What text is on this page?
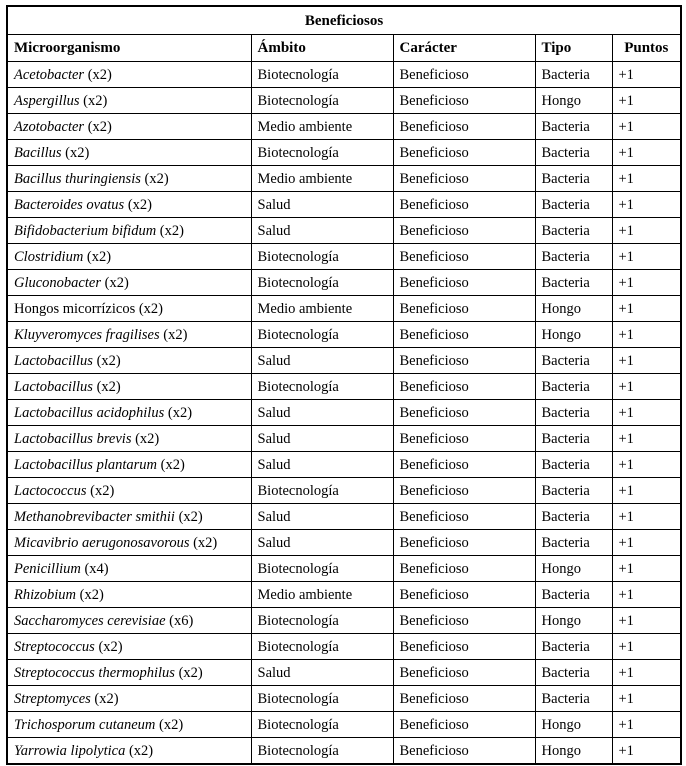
Beneficiosos				
Microorganismo	Ámbito	Carácter	Tipo	Puntos
Acetobacter (x2)	Biotecnología	Beneficioso	Bacteria	+1
Aspergillus (x2)	Biotecnología	Beneficioso	Hongo	+1
Azotobacter (x2)	Medio ambiente	Beneficioso	Bacteria	+1
Bacillus (x2)	Biotecnología	Beneficioso	Bacteria	+1
Bacillus thuringiensis (x2)	Medio ambiente	Beneficioso	Bacteria	+1
Bacteroides ovatus (x2)	Salud	Beneficioso	Bacteria	+1
Bifidobacterium bifidum (x2)	Salud	Beneficioso	Bacteria	+1
Clostridium (x2)	Biotecnología	Beneficioso	Bacteria	+1
Gluconobacter (x2)	Biotecnología	Beneficioso	Bacteria	+1
Hongos micorrízicos (x2)	Medio ambiente	Beneficioso	Hongo	+1
Kluyveromyces fragilises (x2)	Biotecnología	Beneficioso	Hongo	+1
Lactobacillus (x2)	Salud	Beneficioso	Bacteria	+1
Lactobacillus (x2)	Biotecnología	Beneficioso	Bacteria	+1
Lactobacillus acidophilus (x2)	Salud	Beneficioso	Bacteria	+1
Lactobacillus brevis (x2)	Salud	Beneficioso	Bacteria	+1
Lactobacillus plantarum (x2)	Salud	Beneficioso	Bacteria	+1
Lactococcus (x2)	Biotecnología	Beneficioso	Bacteria	+1
Methanobrevibacter smithii (x2)	Salud	Beneficioso	Bacteria	+1
Micavibrio aerugonosavorous (x2)	Salud	Beneficioso	Bacteria	+1
Penicillium (x4)	Biotecnología	Beneficioso	Hongo	+1
Rhizobium (x2)	Medio ambiente	Beneficioso	Bacteria	+1
Saccharomyces cerevisiae (x6)	Biotecnología	Beneficioso	Hongo	+1
Streptococcus (x2)	Biotecnología	Beneficioso	Bacteria	+1
Streptococcus thermophilus (x2)	Salud	Beneficioso	Bacteria	+1
Streptomyces (x2)	Biotecnología	Beneficioso	Bacteria	+1
Trichosporum cutaneum (x2)	Biotecnología	Beneficioso	Hongo	+1
Yarrowia lipolytica (x2)	Biotecnología	Beneficioso	Hongo	+1
